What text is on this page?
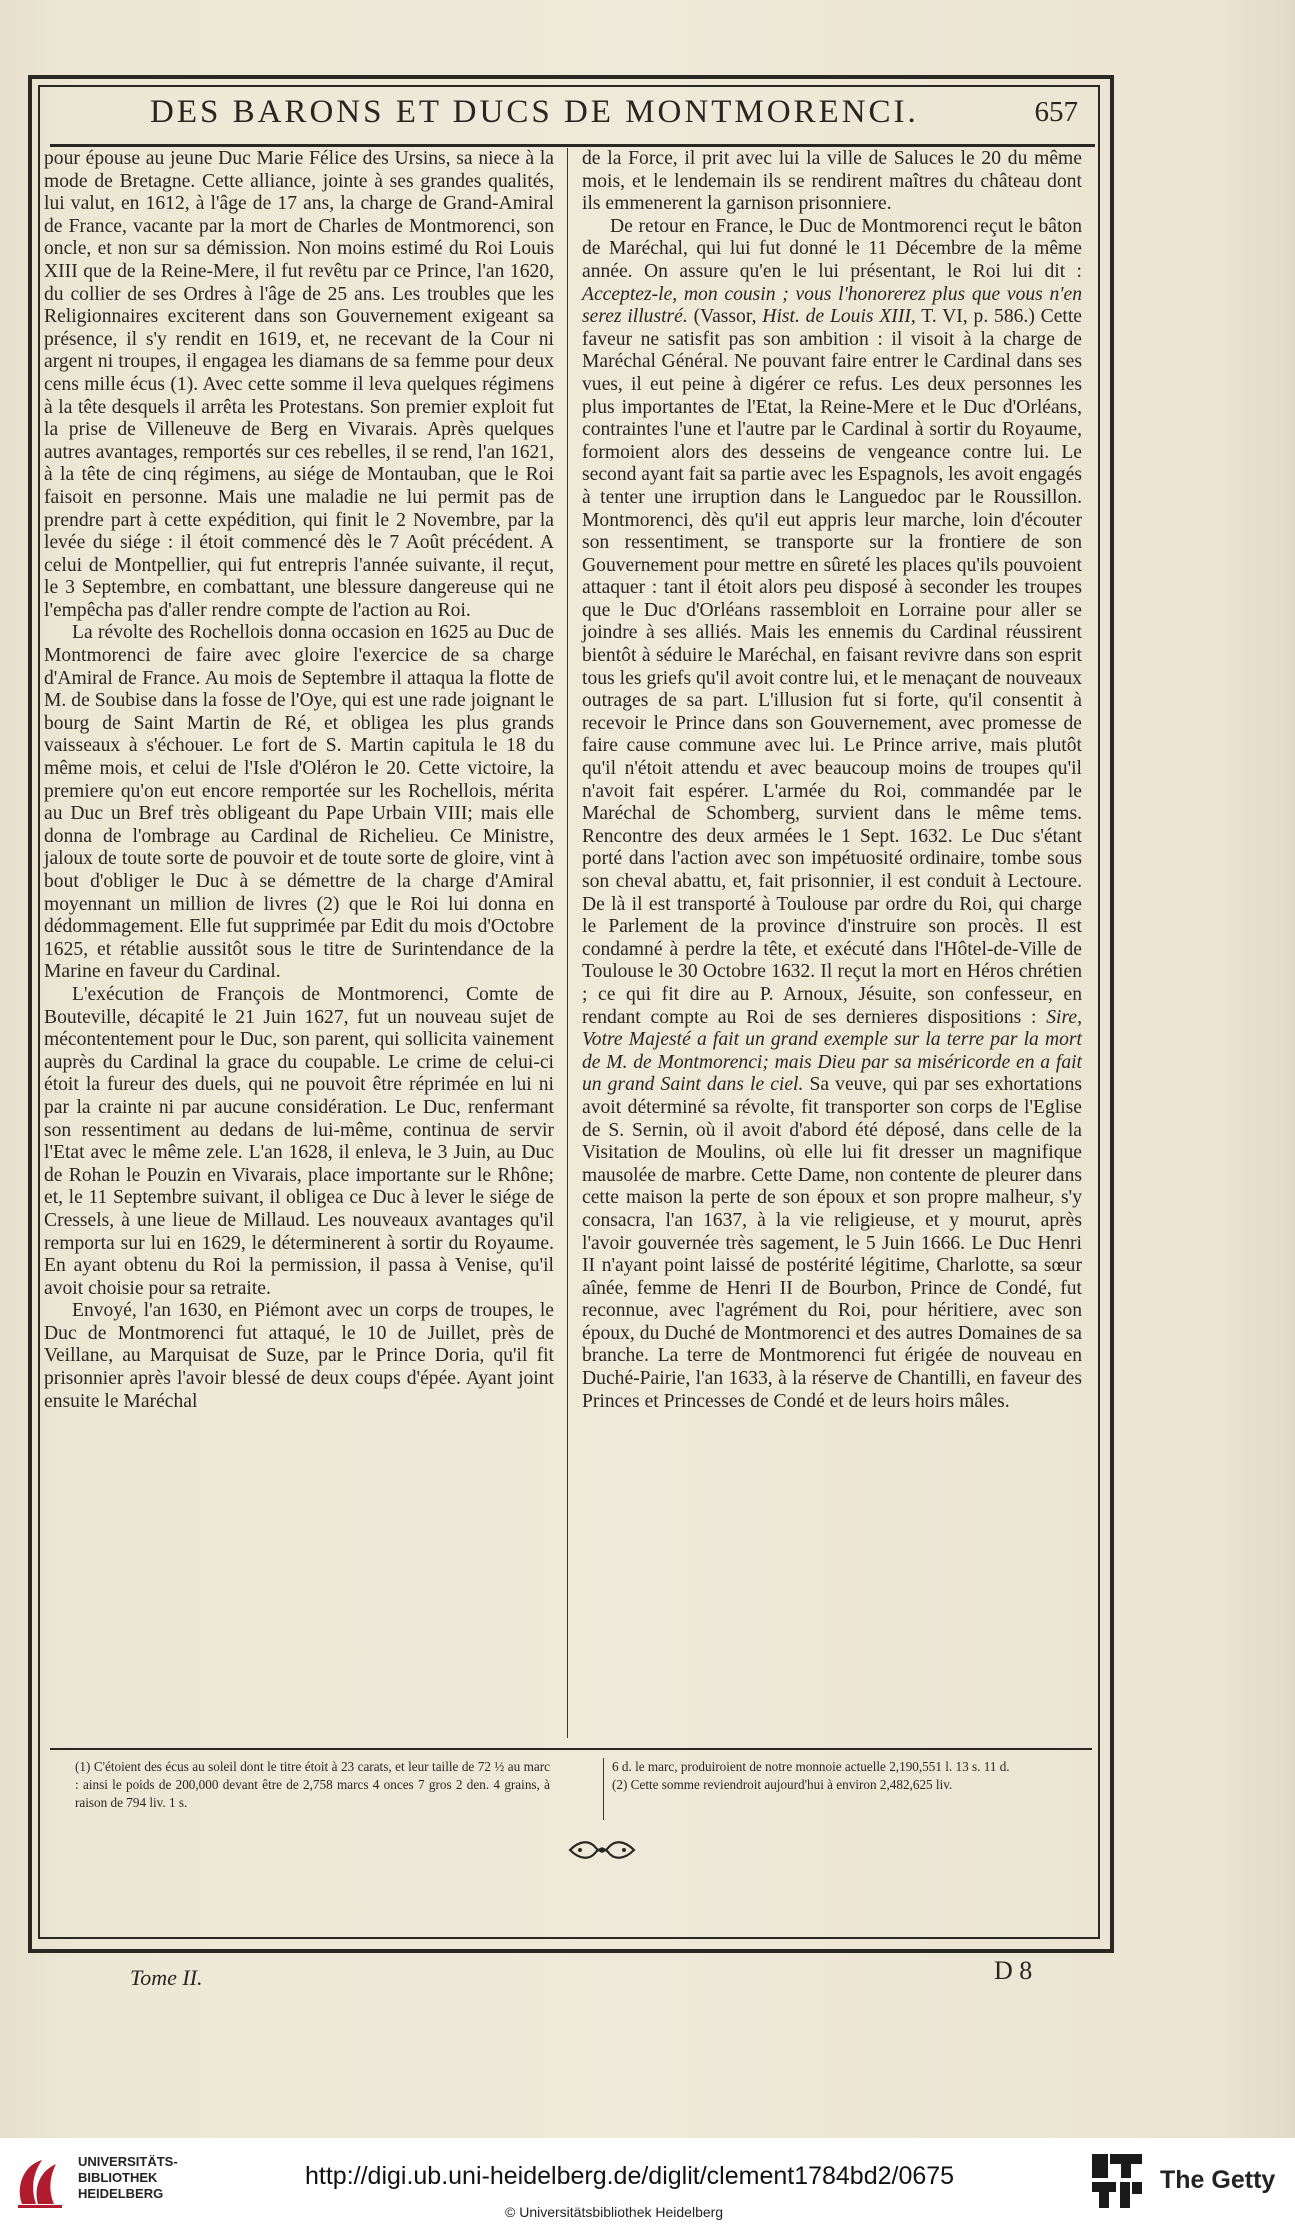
DES BARONS ET DUCS DE MONTMORENCI.	657

pour épouse au jeune Duc Marie Félice des Ursins, sa niece à la mode de Bretagne. Cette alliance, jointe à ses grandes qualités, lui valut, en 1612, à l'âge de 17 ans, la charge de Grand-Amiral de France, vacante par la mort de Charles de Montmorenci, son oncle, et non sur sa démission. Non moins estimé du Roi Louis XIII que de la Reine-Mere, il fut revêtu par ce Prince, l'an 1620, du collier de ses Ordres à l'âge de 25 ans. Les troubles que les Religionnaires exciterent dans son Gouvernement exigeant sa présence, il s'y rendit en 1619, et, ne recevant de la Cour ni argent ni troupes, il engagea les diamans de sa femme pour deux cens mille écus (1). Avec cette somme il leva quelques régimens à la tête desquels il arrêta les Protestans. Son premier exploit fut la prise de Villeneuve de Berg en Vivarais. Après quelques autres avantages, remportés sur ces rebelles, il se rend, l'an 1621, à la tête de cinq régimens, au siége de Montauban, que le Roi faisoit en personne. Mais une maladie ne lui permit pas de prendre part à cette expédition, qui finit le 2 Novembre, par la levée du siége : il étoit commencé dès le 7 Août précédent. A celui de Montpellier, qui fut entrepris l'année suivante, il reçut, le 3 Septembre, en combattant, une blessure dangereuse qui ne l'empêcha pas d'aller rendre compte de l'action au Roi.

La révolte des Rochellois donna occasion en 1625 au Duc de Montmorenci de faire avec gloire l'exercice de sa charge d'Amiral de France. Au mois de Septembre il attaqua la flotte de M. de Soubise dans la fosse de l'Oye, qui est une rade joignant le bourg de Saint Martin de Ré, et obligea les plus grands vaisseaux à s'échouer. Le fort de S. Martin capitula le 18 du même mois, et celui de l'Isle d'Oléron le 20. Cette victoire, la premiere qu'on eut encore remportée sur les Rochellois, mérita au Duc un Bref très obligeant du Pape Urbain VIII; mais elle donna de l'ombrage au Cardinal de Richelieu. Ce Ministre, jaloux de toute sorte de pouvoir et de toute sorte de gloire, vint à bout d'obliger le Duc à se démettre de la charge d'Amiral moyennant un million de livres (2) que le Roi lui donna en dédommagement. Elle fut supprimée par Edit du mois d'Octobre 1625, et rétablie aussitôt sous le titre de Surintendance de la Marine en faveur du Cardinal.

L'exécution de François de Montmorenci, Comte de Bouteville, décapité le 21 Juin 1627, fut un nouveau sujet de mécontentement pour le Duc, son parent, qui sollicita vainement auprès du Cardinal la grace du coupable. Le crime de celui-ci étoit la fureur des duels, qui ne pouvoit être réprimée en lui ni par la crainte ni par aucune considération. Le Duc, renfermant son ressentiment au dedans de lui-même, continua de servir l'Etat avec le même zele. L'an 1628, il enleva, le 3 Juin, au Duc de Rohan le Pouzin en Vivarais, place importante sur le Rhône; et, le 11 Septembre suivant, il obligea ce Duc à lever le siége de Cressels, à une lieue de Millaud. Les nouveaux avantages qu'il remporta sur lui en 1629, le déterminerent à sortir du Royaume. En ayant obtenu du Roi la permission, il passa à Venise, qu'il avoit choisie pour sa retraite.

Envoyé, l'an 1630, en Piémont avec un corps de troupes, le Duc de Montmorenci fut attaqué, le 10 de Juillet, près de Veillane, au Marquisat de Suze, par le Prince Doria, qu'il fit prisonnier après l'avoir blessé de deux coups d'épée. Ayant joint ensuite le Maréchal

de la Force, il prit avec lui la ville de Saluces le 20 du même mois, et le lendemain ils se rendirent maîtres du château dont ils emmenerent la garnison prisonniere.

De retour en France, le Duc de Montmorenci reçut le bâton de Maréchal, qui lui fut donné le 11 Décembre de la même année. On assure qu'en le lui présentant, le Roi lui dit : Acceptez-le, mon cousin ; vous l'honorerez plus que vous n'en serez illustré. (Vassor, Hist. de Louis XIII, T. VI, p. 586.) Cette faveur ne satisfit pas son ambition : il visoit à la charge de Maréchal Général. Ne pouvant faire entrer le Cardinal dans ses vues, il eut peine à digérer ce refus. Les deux personnes les plus importantes de l'Etat, la Reine-Mere et le Duc d'Orléans, contraintes l'une et l'autre par le Cardinal à sortir du Royaume, formoient alors des desseins de vengeance contre lui. Le second ayant fait sa partie avec les Espagnols, les avoit engagés à tenter une irruption dans le Languedoc par le Roussillon. Montmorenci, dès qu'il eut appris leur marche, loin d'écouter son ressentiment, se transporte sur la frontiere de son Gouvernement pour mettre en sûreté les places qu'ils pouvoient attaquer : tant il étoit alors peu disposé à seconder les troupes que le Duc d'Orléans rassembloit en Lorraine pour aller se joindre à ses alliés. Mais les ennemis du Cardinal réussirent bientôt à séduire le Maréchal, en faisant revivre dans son esprit tous les griefs qu'il avoit contre lui, et le menaçant de nouveaux outrages de sa part. L'illusion fut si forte, qu'il consentit à recevoir le Prince dans son Gouvernement, avec promesse de faire cause commune avec lui. Le Prince arrive, mais plutôt qu'il n'étoit attendu et avec beaucoup moins de troupes qu'il n'avoit fait espérer. L'armée du Roi, commandée par le Maréchal de Schomberg, survient dans le même tems. Rencontre des deux armées le 1 Sept. 1632. Le Duc s'étant porté dans l'action avec son impétuosité ordinaire, tombe sous son cheval abattu, et, fait prisonnier, il est conduit à Lectoure. De là il est transporté à Toulouse par ordre du Roi, qui charge le Parlement de la province d'instruire son procès. Il est condamné à perdre la tête, et exécuté dans l'Hôtel-de-Ville de Toulouse le 30 Octobre 1632. Il reçut la mort en Héros chrétien ; ce qui fit dire au P. Arnoux, Jésuite, son confesseur, en rendant compte au Roi de ses dernieres dispositions : Sire, Votre Majesté a fait un grand exemple sur la terre par la mort de M. de Montmorenci; mais Dieu par sa miséricorde en a fait un grand Saint dans le ciel. Sa veuve, qui par ses exhortations avoit déterminé sa révolte, fit transporter son corps de l'Eglise de S. Sernin, où il avoit d'abord été déposé, dans celle de la Visitation de Moulins, où elle lui fit dresser un magnifique mausolée de marbre. Cette Dame, non contente de pleurer dans cette maison la perte de son époux et son propre malheur, s'y consacra, l'an 1637, à la vie religieuse, et y mourut, après l'avoir gouvernée très sagement, le 5 Juin 1666. Le Duc Henri II n'ayant point laissé de postérité légitime, Charlotte, sa sœur aînée, femme de Henri II de Bourbon, Prince de Condé, fut reconnue, avec l'agrément du Roi, pour héritiere, avec son époux, du Duché de Montmorenci et des autres Domaines de sa branche. La terre de Montmorenci fut érigée de nouveau en Duché-Pairie, l'an 1633, à la réserve de Chantilli, en faveur des Princes et Princesses de Condé et de leurs hoirs mâles.

(1) C'étoient des écus au soleil dont le titre étoit à 23 carats, et leur taille de 72 ½ au marc : ainsi le poids de 200,000 devant être de 2,758 marcs 4 onces 7 gros 2 den. 4 grains, à raison de 794 liv. 1 s.

6 d. le marc, produiroient de notre monnoie actuelle 2,190,551 l. 13 s. 11 d.

(2) Cette somme reviendroit aujourd'hui à environ 2,482,625 liv.

D 8
Tome II.
UNIVERSITÄTS-
BIBLIOTHEK
HEIDELBERG
http://digi.ub.uni-heidelberg.de/diglit/clement1784bd2/0675
© Universitätsbibliothek Heidelberg
The Getty
